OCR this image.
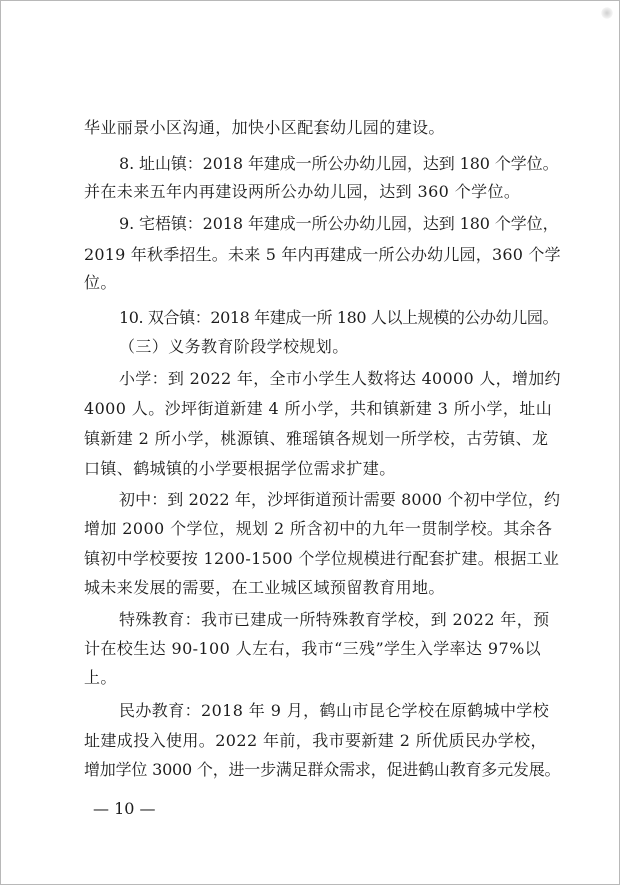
华业丽景小区沟通，加快小区配套幼儿园的建设。
8. 址山镇：2018 年建成一所公办幼儿园，达到 180 个学位。
并在未来五年内再建设两所公办幼儿园，达到 360 个学位。
9. 宅梧镇：2018 年建成一所公办幼儿园，达到 180 个学位，
2019 年秋季招生。未来 5 年内再建成一所公办幼儿园，360 个学
位。
10. 双合镇：2018 年建成一所 180 人以上规模的公办幼儿园。
（三）义务教育阶段学校规划。
小学：到 2022 年，全市小学生人数将达 40000 人，增加约
4000 人。沙坪街道新建 4 所小学，共和镇新建 3 所小学，址山
镇新建 2 所小学，桃源镇、雅瑶镇各规划一所学校，古劳镇、龙
口镇、鹤城镇的小学要根据学位需求扩建。
初中：到 2022 年，沙坪街道预计需要 8000 个初中学位，约
增加 2000 个学位，规划 2 所含初中的九年一贯制学校。其余各
镇初中学校要按 1200-1500 个学位规模进行配套扩建。根据工业
城未来发展的需要，在工业城区域预留教育用地。
特殊教育：我市已建成一所特殊教育学校，到 2022 年，预
计在校生达 90-100 人左右，我市“三残”学生入学率达 97%以
上。
民办教育：2018 年 9 月，鹤山市昆仑学校在原鹤城中学校
址建成投入使用。2022 年前，我市要新建 2 所优质民办学校，
增加学位 3000 个，进一步满足群众需求，促进鹤山教育多元发展。
— 10 —
